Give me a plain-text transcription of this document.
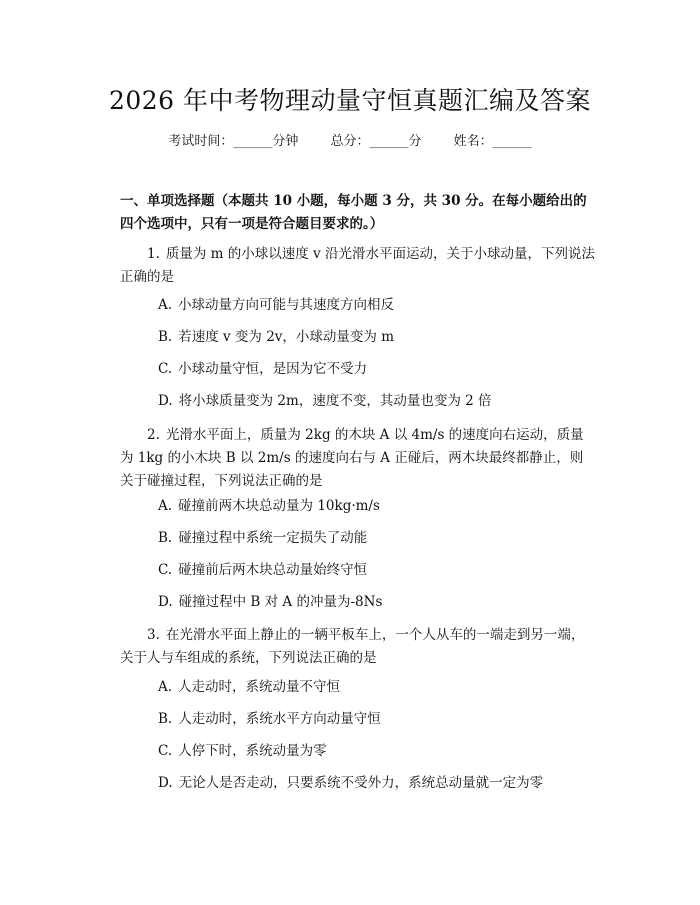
2026 年中考物理动量守恒真题汇编及答案
考试时间：______分钟 总分：______分 姓名：______
一、单项选择题（本题共 10 小题，每小题 3 分，共 30 分。在每小题给出的四个选项中，只有一项是符合题目要求的。）
1. 质量为 m 的小球以速度 v 沿光滑水平面运动，关于小球动量，下列说法正确的是
A. 小球动量方向可能与其速度方向相反
B. 若速度 v 变为 2v，小球动量变为 m
C. 小球动量守恒，是因为它不受力
D. 将小球质量变为 2m，速度不变，其动量也变为 2 倍
2. 光滑水平面上，质量为 2kg 的木块 A 以 4m/s 的速度向右运动，质量为 1kg 的小木块 B 以 2m/s 的速度向右与 A 正碰后，两木块最终都静止，则关于碰撞过程，下列说法正确的是
A. 碰撞前两木块总动量为 10kg·m/s
B. 碰撞过程中系统一定损失了动能
C. 碰撞前后两木块总动量始终守恒
D. 碰撞过程中 B 对 A 的冲量为-8Ns
3. 在光滑水平面上静止的一辆平板车上，一个人从车的一端走到另一端，关于人与车组成的系统，下列说法正确的是
A. 人走动时，系统动量不守恒
B. 人走动时，系统水平方向动量守恒
C. 人停下时，系统动量为零
D. 无论人是否走动，只要系统不受外力，系统总动量就一定为零
